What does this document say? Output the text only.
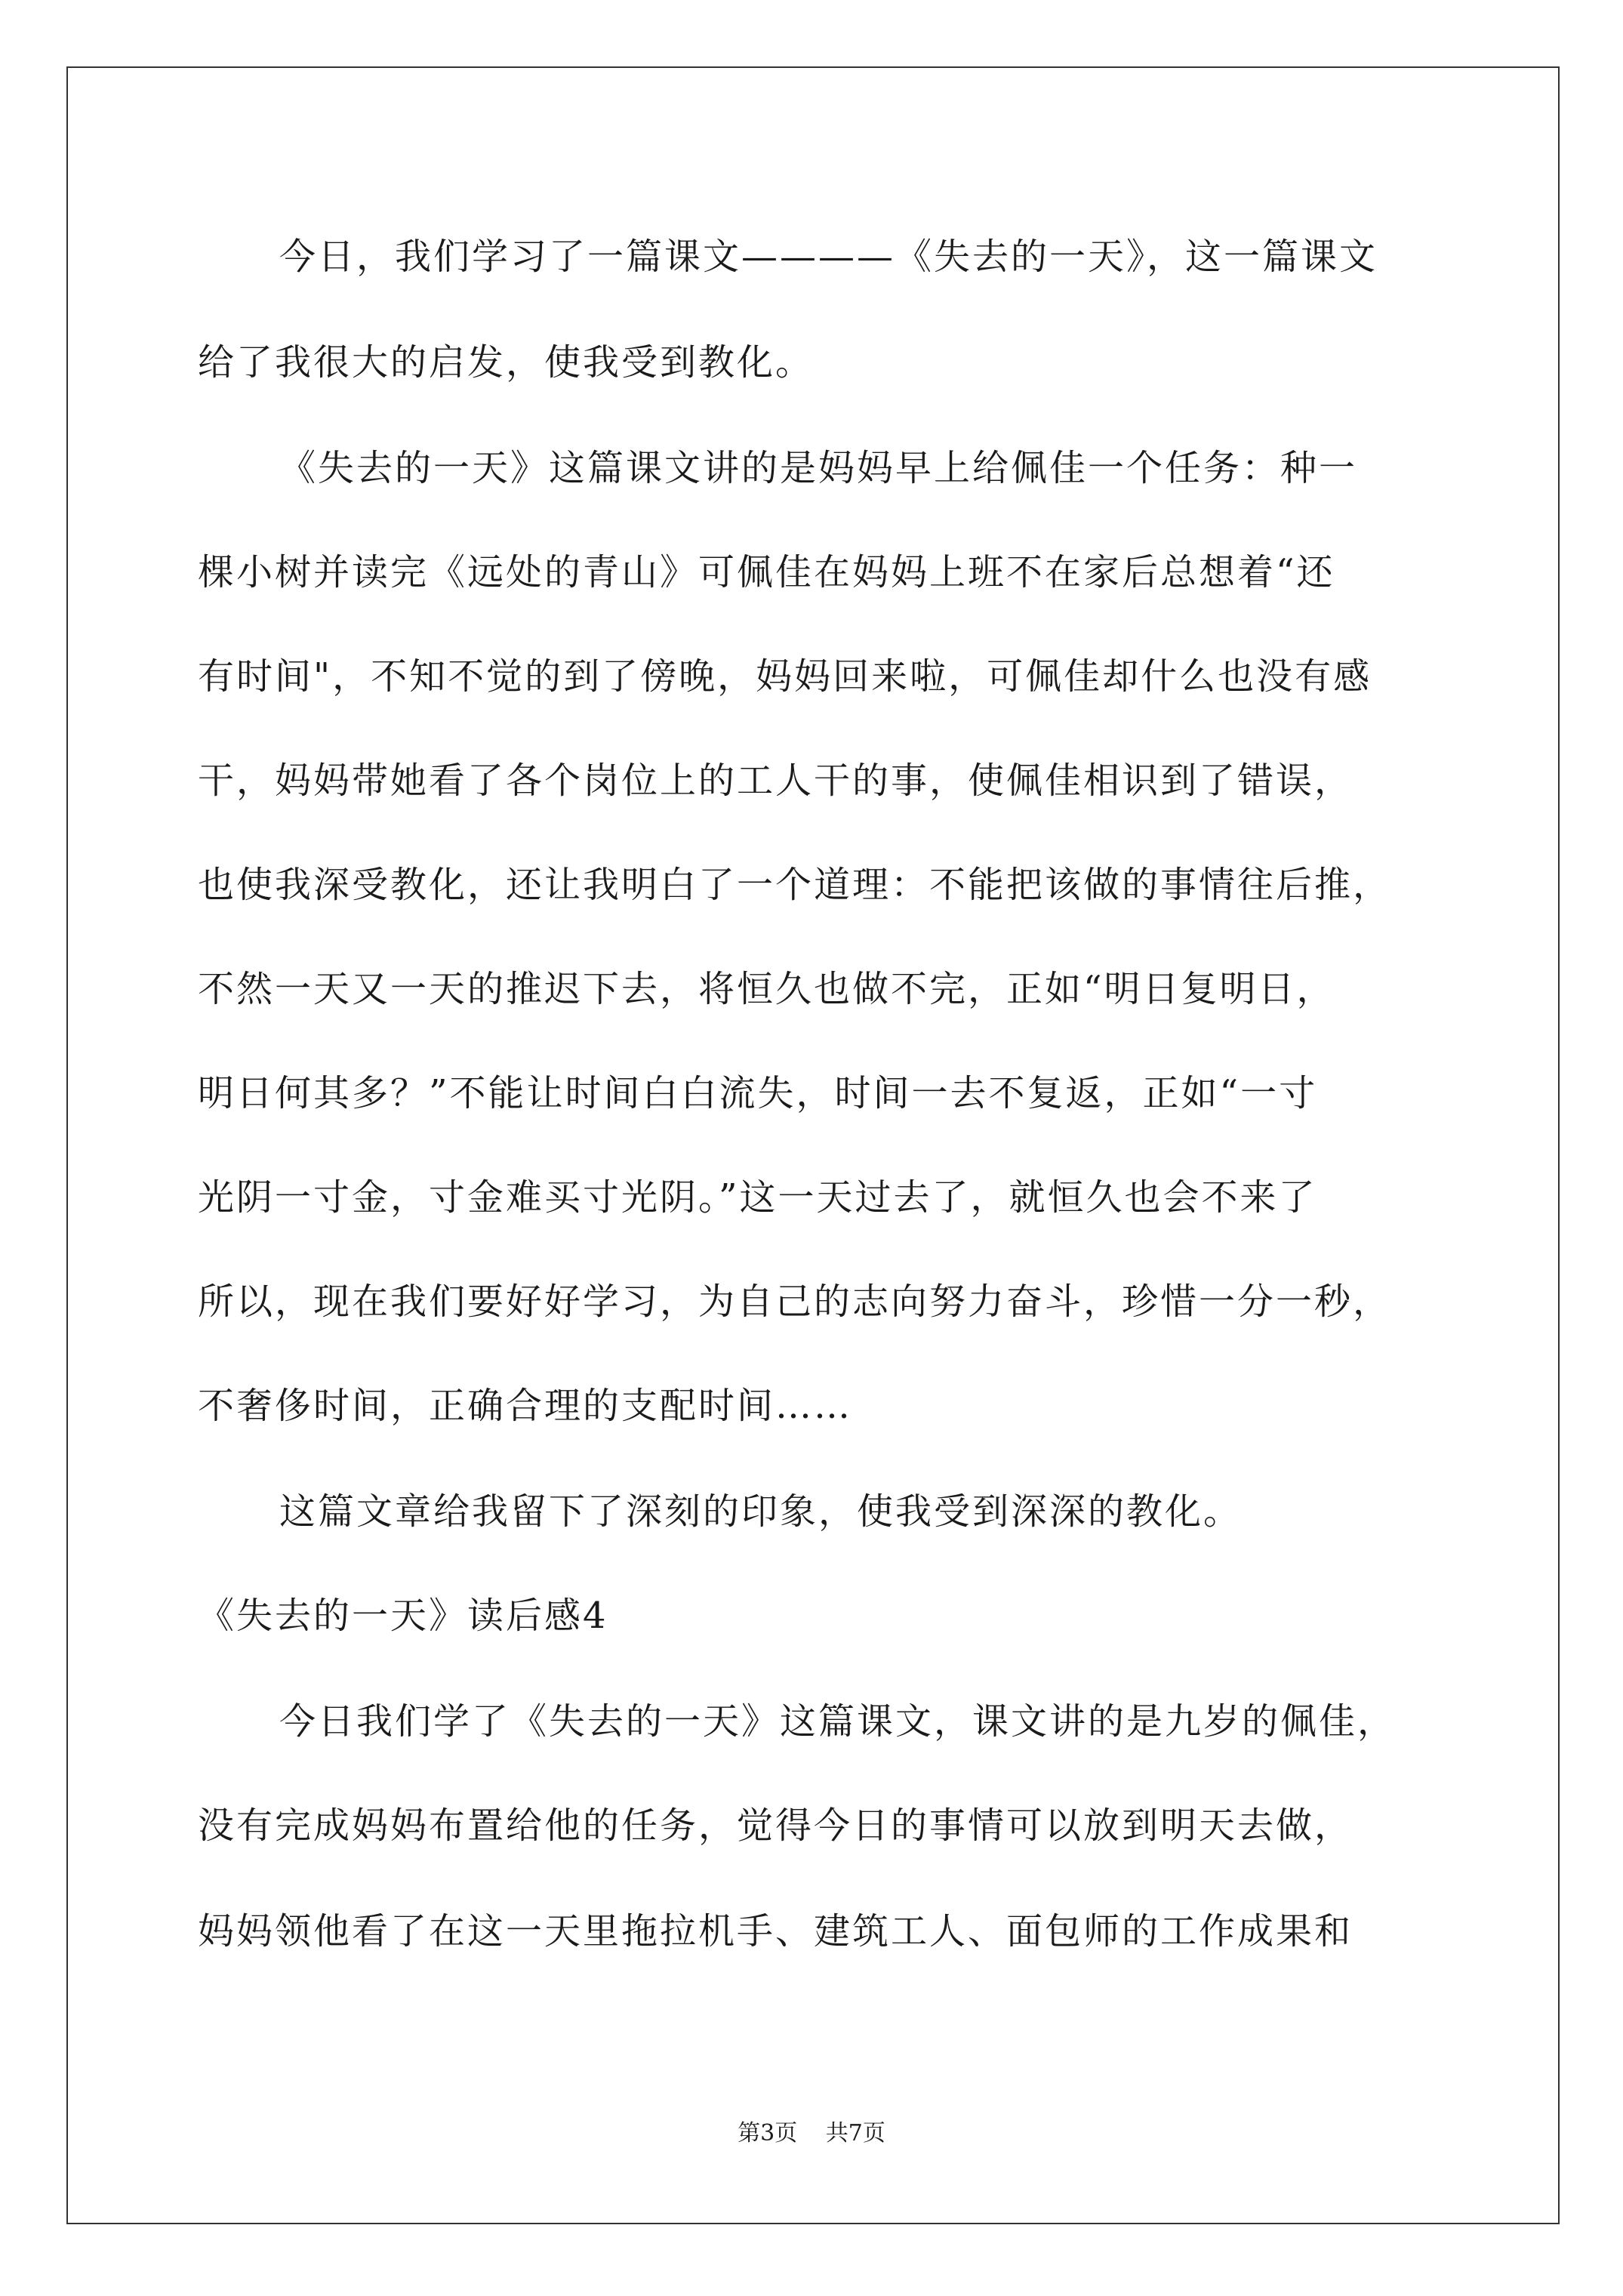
今日，我们学习了一篇课文————《失去的一天》，这一篇课文
给了我很大的启发，使我受到教化。
《失去的一天》这篇课文讲的是妈妈早上给佩佳一个任务：种一
棵小树并读完《远处的青山》可佩佳在妈妈上班不在家后总想着“还
有时间"，不知不觉的到了傍晚，妈妈回来啦，可佩佳却什么也没有感
干，妈妈带她看了各个岗位上的工人干的事，使佩佳相识到了错误，
也使我深受教化，还让我明白了一个道理：不能把该做的事情往后推，
不然一天又一天的推迟下去，将恒久也做不完，正如“明日复明日，
明日何其多？”不能让时间白白流失，时间一去不复返，正如“一寸
光阴一寸金，寸金难买寸光阴。”这一天过去了，就恒久也会不来了
所以，现在我们要好好学习，为自己的志向努力奋斗，珍惜一分一秒，
不奢侈时间，正确合理的支配时间……
这篇文章给我留下了深刻的印象，使我受到深深的教化。
《失去的一天》读后感4
今日我们学了《失去的一天》这篇课文，课文讲的是九岁的佩佳，
没有完成妈妈布置给他的任务，觉得今日的事情可以放到明天去做，
妈妈领他看了在这一天里拖拉机手、建筑工人、面包师的工作成果和
第3页 共7页
